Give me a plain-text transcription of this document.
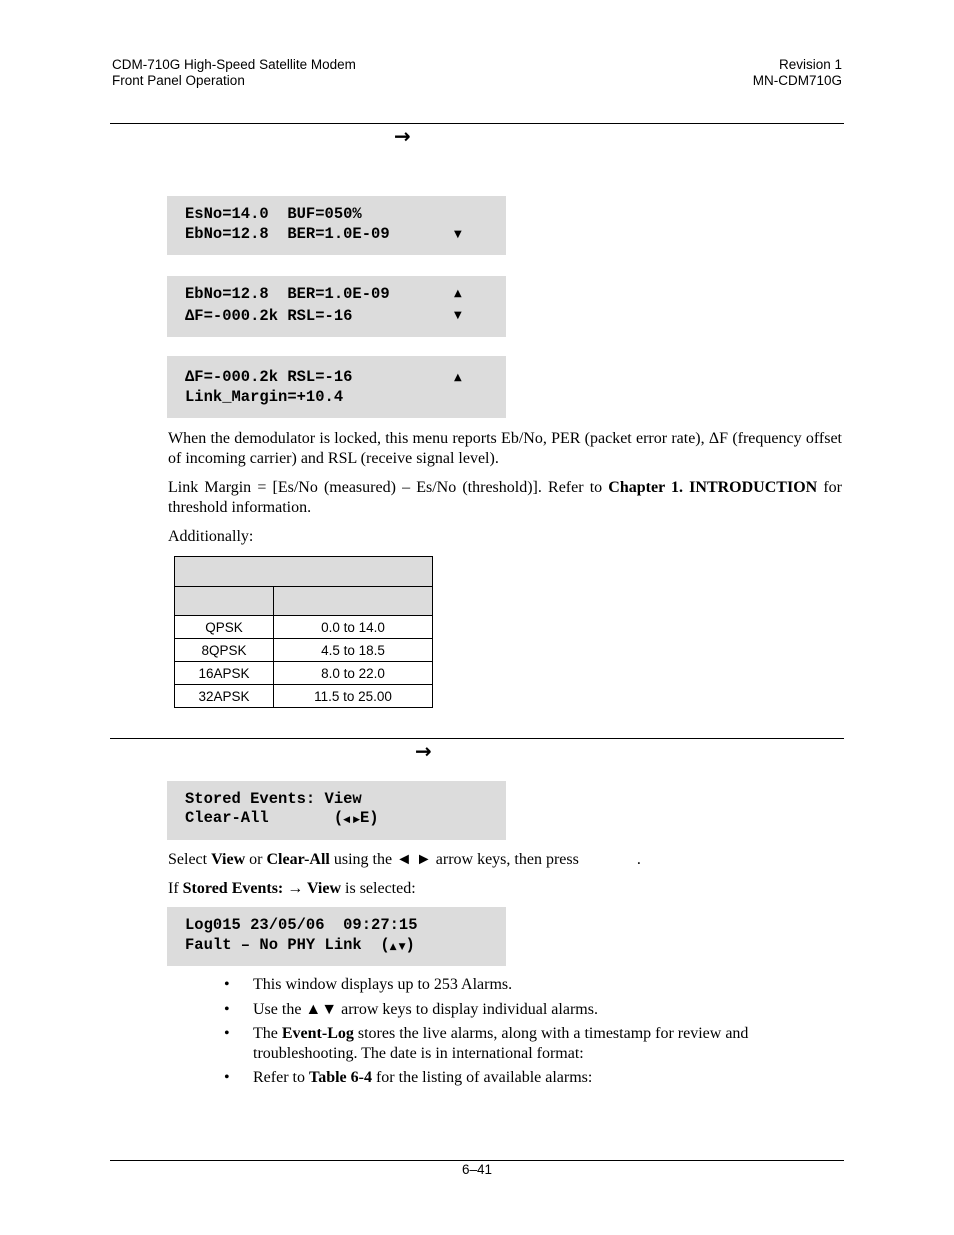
CDM-710G High-Speed Satellite Modem
Front Panel Operation
Revision 1
MN-CDM710G
→
EsNo=14.0  BUF=050%
EbNo=12.8  BER=1.0E-09	▼
EbNo=12.8  BER=1.0E-09
ΔF=-000.2k RSL=-16
▲
▼
ΔF=-000.2k RSL=-16
Link_Margin=+10.4
▲
When the demodulator is locked, this menu reports Eb/No, PER (packet error rate), ΔF (frequency offset of incoming carrier) and RSL (receive signal level).
Link Margin = [Es/No (measured) – Es/No (threshold)]. Refer to Chapter 1. INTRODUCTION for threshold information.
Additionally:

QPSK	0.0 to 14.0
8QPSK	4.5 to 18.5
16APSK	8.0 to 22.0
32APSK	11.5 to 25.00
→
Stored Events: View
Clear-All       (◀ ▶E)
Select View or Clear-All using the ◄ ► arrow keys, then press	.
If Stored Events: → View is selected:
Log015 23/05/06  09:27:15
Fault – No PHY Link  (▲ ▼)
• This window displays up to 253 Alarms.
• Use the ▲▼ arrow keys to display individual alarms.
• The Event-Log stores the live alarms, along with a timestamp for review and troubleshooting. The date is in international format:
• Refer to Table 6-4 for the listing of available alarms:
6–41
